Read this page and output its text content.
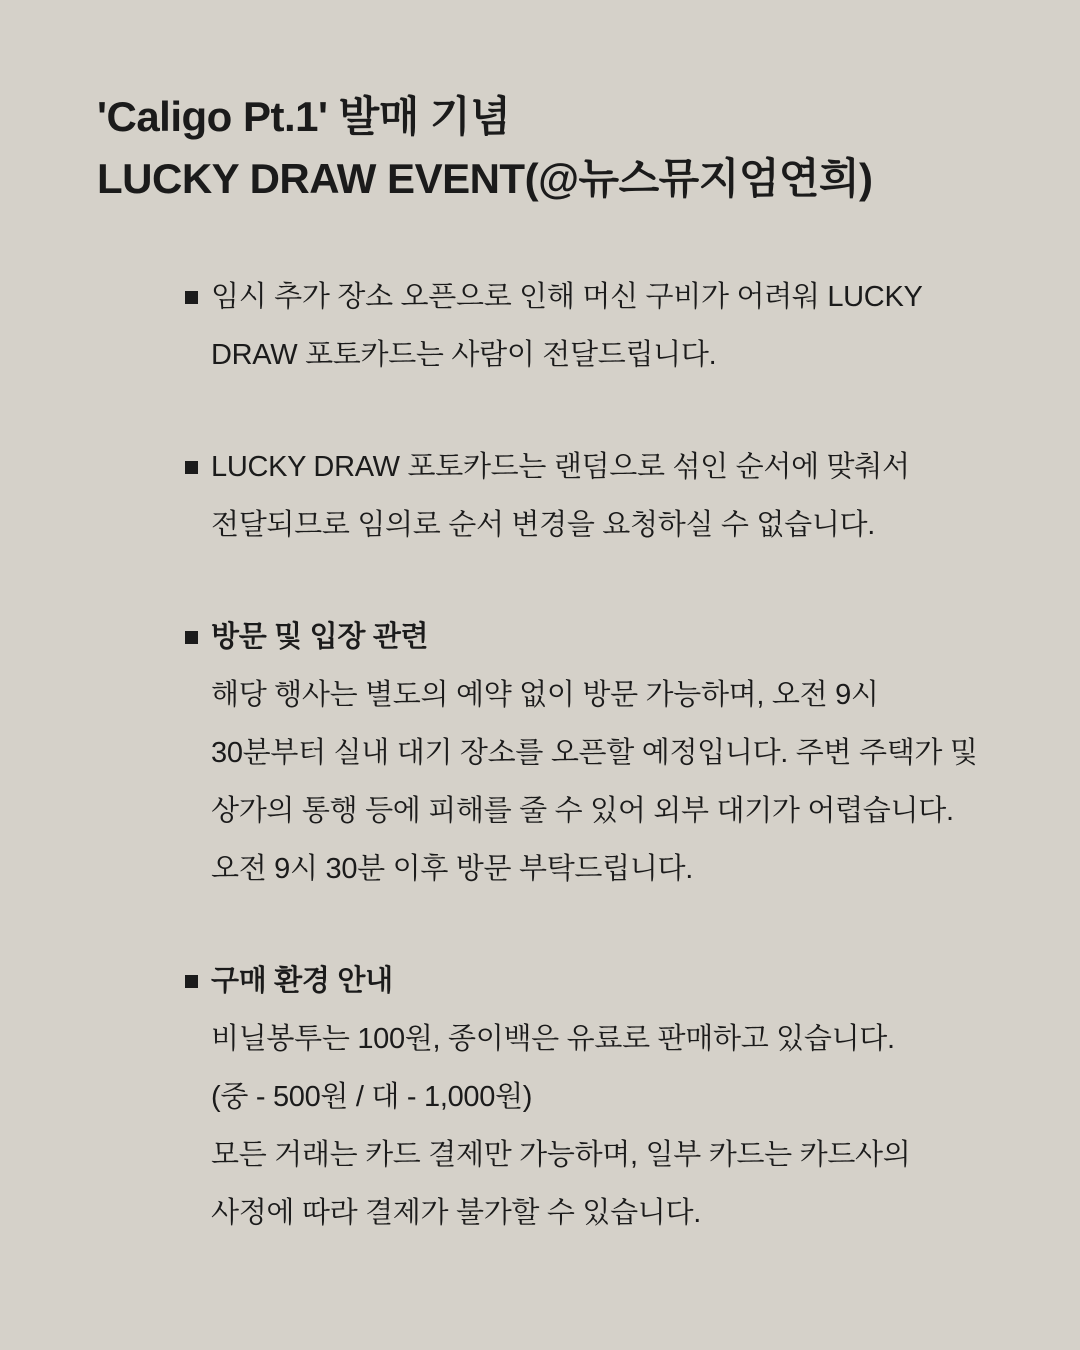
'Caligo Pt.1' 발매 기념
LUCKY DRAW EVENT(@뉴스뮤지엄연희)
임시 추가 장소 오픈으로 인해 머신 구비가 어려워 LUCKY
DRAW 포토카드는 사람이 전달드립니다.
LUCKY DRAW 포토카드는 랜덤으로 섞인 순서에 맞춰서
전달되므로 임의로 순서 변경을 요청하실 수 없습니다.
방문 및 입장 관련
해당 행사는 별도의 예약 없이 방문 가능하며, 오전 9시
30분부터 실내 대기 장소를 오픈할 예정입니다. 주변 주택가 및
상가의 통행 등에 피해를 줄 수 있어 외부 대기가 어렵습니다.
오전 9시 30분 이후 방문 부탁드립니다.
구매 환경 안내
비닐봉투는 100원, 종이백은 유료로 판매하고 있습니다.
(중 - 500원 / 대 - 1,000원)
모든 거래는 카드 결제만 가능하며, 일부 카드는 카드사의
사정에 따라 결제가 불가할 수 있습니다.
